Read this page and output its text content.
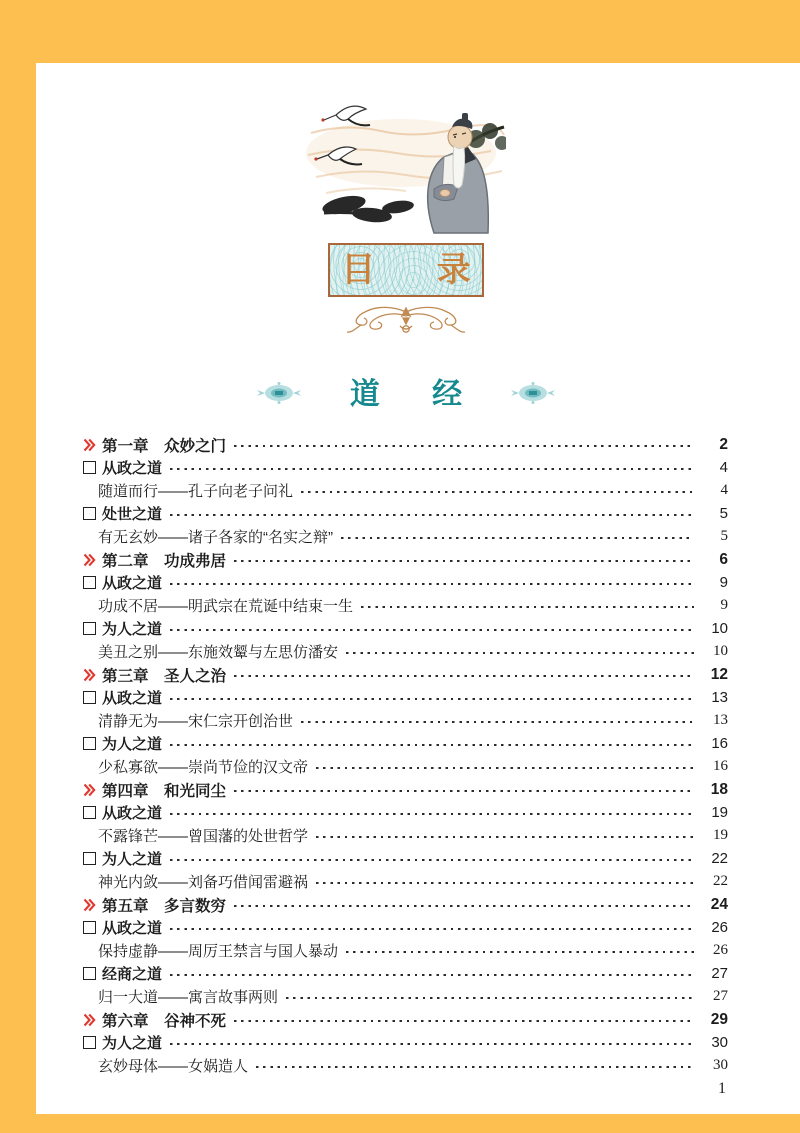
目 录
道 经
第一章　众妙之门	2
从政之道	4
随道而行——孔子向老子问礼	4
处世之道	5
有无玄妙——诸子各家的“名实之辩”	5
第二章　功成弗居	6
从政之道	9
功成不居——明武宗在荒诞中结束一生	9
为人之道	10
美丑之别——东施效颦与左思仿潘安	10
第三章　圣人之治	12
从政之道	13
清静无为——宋仁宗开创治世	13
为人之道	16
少私寡欲——崇尚节俭的汉文帝	16
第四章　和光同尘	18
从政之道	19
不露锋芒——曾国藩的处世哲学	19
为人之道	22
神光内敛——刘备巧借闻雷避祸	22
第五章　多言数穷	24
从政之道	26
保持虚静——周厉王禁言与国人暴动	26
经商之道	27
归一大道——寓言故事两则	27
第六章　谷神不死	29
为人之道	30
玄妙母体——女娲造人	30
1
